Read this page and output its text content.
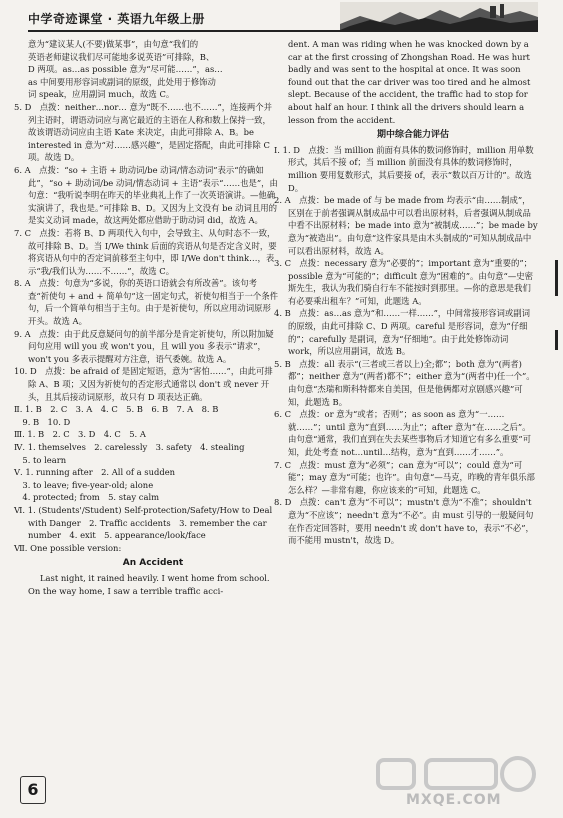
中学奇迹课堂 · 英语九年级上册

意为“建议某人(不要)做某事”，由句意“我们的

英语老师建议我们尽可能地多说英语”可排除，B、

D 两项。as…as possible 意为“尽可能……”，as…

as 中间要用形容词或副词的原级，此处用于修饰动

词 speak，应用副词 much，故选 C。

5. D　点拨：neither…nor… 意为“既不……也不……”，连接两个并列主语时，谓语动词应与离它最近的主语在人称和数上保持一致，故该谓语动词应由主语 Kate 来决定，由此可排除 A、B。be interested in 意为“对……感兴趣”，是固定搭配，由此可排除 C 项。故选 D。

6. A　点拨：“so + 主语 + 助动词/be 动词/情态动词”表示“的确如此”，“so + 助动词/be 动词/情态动词 + 主语”表示“……也是”，由句意：“我听说李明在昨天的毕业典礼上作了一次英语演讲。—他确实演讲了，我也是。”可排除 B、D。又因为上文没有 be 动词且用的是实义动词 made，故这两处都应借助于助动词 did，故选 A。

7. C　点拨：若将 B、D 两项代入句中，会导致主、从句时态不一致，故可排除 B、D。当 I/We think 后面的宾语从句是否定含义时，要将宾语从句中的否定词前移至主句中，即 I/We don't think…，表示“我/我们认为……不……”，故选 C。

8. A　点拨：句意为“多说，你的英语口语就会有所改善”。该句考查“祈使句 + and + 简单句”这一固定句式，祈使句相当于一个条件句，后一个简单句相当于主句。由于是祈使句，所以应用动词原形开头。故选 A。

9. A　点拨：由于此反意疑问句的前半部分是肯定祈使句，所以附加疑问句应用 will you 或 won't you，且 will you 多表示“请求”，won't you 多表示提醒对方注意，语气委婉。故选 A。

10. D　点拨：be afraid of 是固定短语，意为“害怕……”，由此可排除 A、B 项；又因为祈使句的否定形式通常以 don't 或 never 开头，且其后接动词原形，故只有 D 项表达正确。

Ⅱ. 1. B　2. C　3. A　4. C　5. B　6. B　7. A　8. B

　9. B　10. D

Ⅲ. 1. B　2. C　3. D　4. C　5. A

Ⅳ. 1. themselves　2. carelessly　3. safety　4. stealing

　5. to learn

Ⅴ. 1. running after　2. All of a sudden

　3. to leave; five-year-old; alone

　4. protected; from　5. stay calm

Ⅵ. 1. (Students'/Student) Self-protection/Safety/How to Deal with Danger　2. Traffic accidents　3. remember the car number　4. exit　5. appearance/look/face

Ⅶ. One possible version:

An Accident

Last night, it rained heavily. I went home from school. On the way home, I saw a terrible traffic acci-

dent. A man was riding when he was knocked down by a car at the first crossing of Zhongshan Road. He was hurt badly and was sent to the hospital at once. It was soon found out that the car driver was too tired and he almost slept. Because of the accident, the traffic had to stop for about half an hour. I think all the drivers should learn a lesson from the accident.

期中综合能力评估

Ⅰ. 1. D　点拨：当 million 前面有具体的数词修饰时，million 用单数形式，其后不接 of；当 million 前面没有具体的数词修饰时，million 要用复数形式，其后要接 of，表示“数以百万计的”。故选 D。

2. A　点拨：be made of 与 be made from 均表示“由……制成”，区别在于前者强调从制成品中可以看出原材料，后者强调从制成品中看不出原材料；be made into 意为“被制成……”；be made by 意为“被造出”。由句意“这件家具是由木头制成的”可知从制成品中可以看出原材料，故选 A。

3. C　点拨：necessary 意为“必要的”；important 意为“重要的”；possible 意为“可能的”；difficult 意为“困难的”。由句意“—史密斯先生，我认为我们骑自行车不能按时到那里。—你的意思是我们有必要乘出租车？”可知，此题选 A。

4. B　点拨：as…as 意为“和……一样……”，中间常接形容词或副词的原级，由此可排除 C、D 两项。careful 是形容词，意为“仔细的”；carefully 是副词，意为“仔细地”。由于此处修饰动词 work，所以应用副词，故选 B。

5. B　点拨：all 表示“(三者或三者以上)全;都”；both 意为“(两者)都”；neither 意为“(两者)都不”；either 意为“(两者中)任一个”。由句意“杰瑞和斯科特都来自美国，但是他俩都对京剧感兴趣”可知，此题选 B。

6. C　点拨：or 意为“或者；否则”；as soon as 意为“一……就……”；until 意为“直到……为止”；after 意为“在……之后”。由句意“通常，我们直到在失去某些事物后才知道它有多么重要”可知，此处考查 not…until…结构，意为“直到……才……”。

7. C　点拨：must 意为“必须”；can 意为“可以”；could 意为“可能”；may 意为“可能；也许”。由句意“—马克，昨晚的青年俱乐部怎么样？—非常有趣，你应该来的”可知，此题选 C。

8. D　点拨：can't 意为“不可以”；mustn't 意为“不准”；shouldn't 意为“不应该”；needn't 意为“不必”。由 must 引导的一般疑问句在作否定回答时，要用 needn't 或 don't have to，表示“不必”，而不能用 mustn't，故选 D。

6
MXQE.COM
